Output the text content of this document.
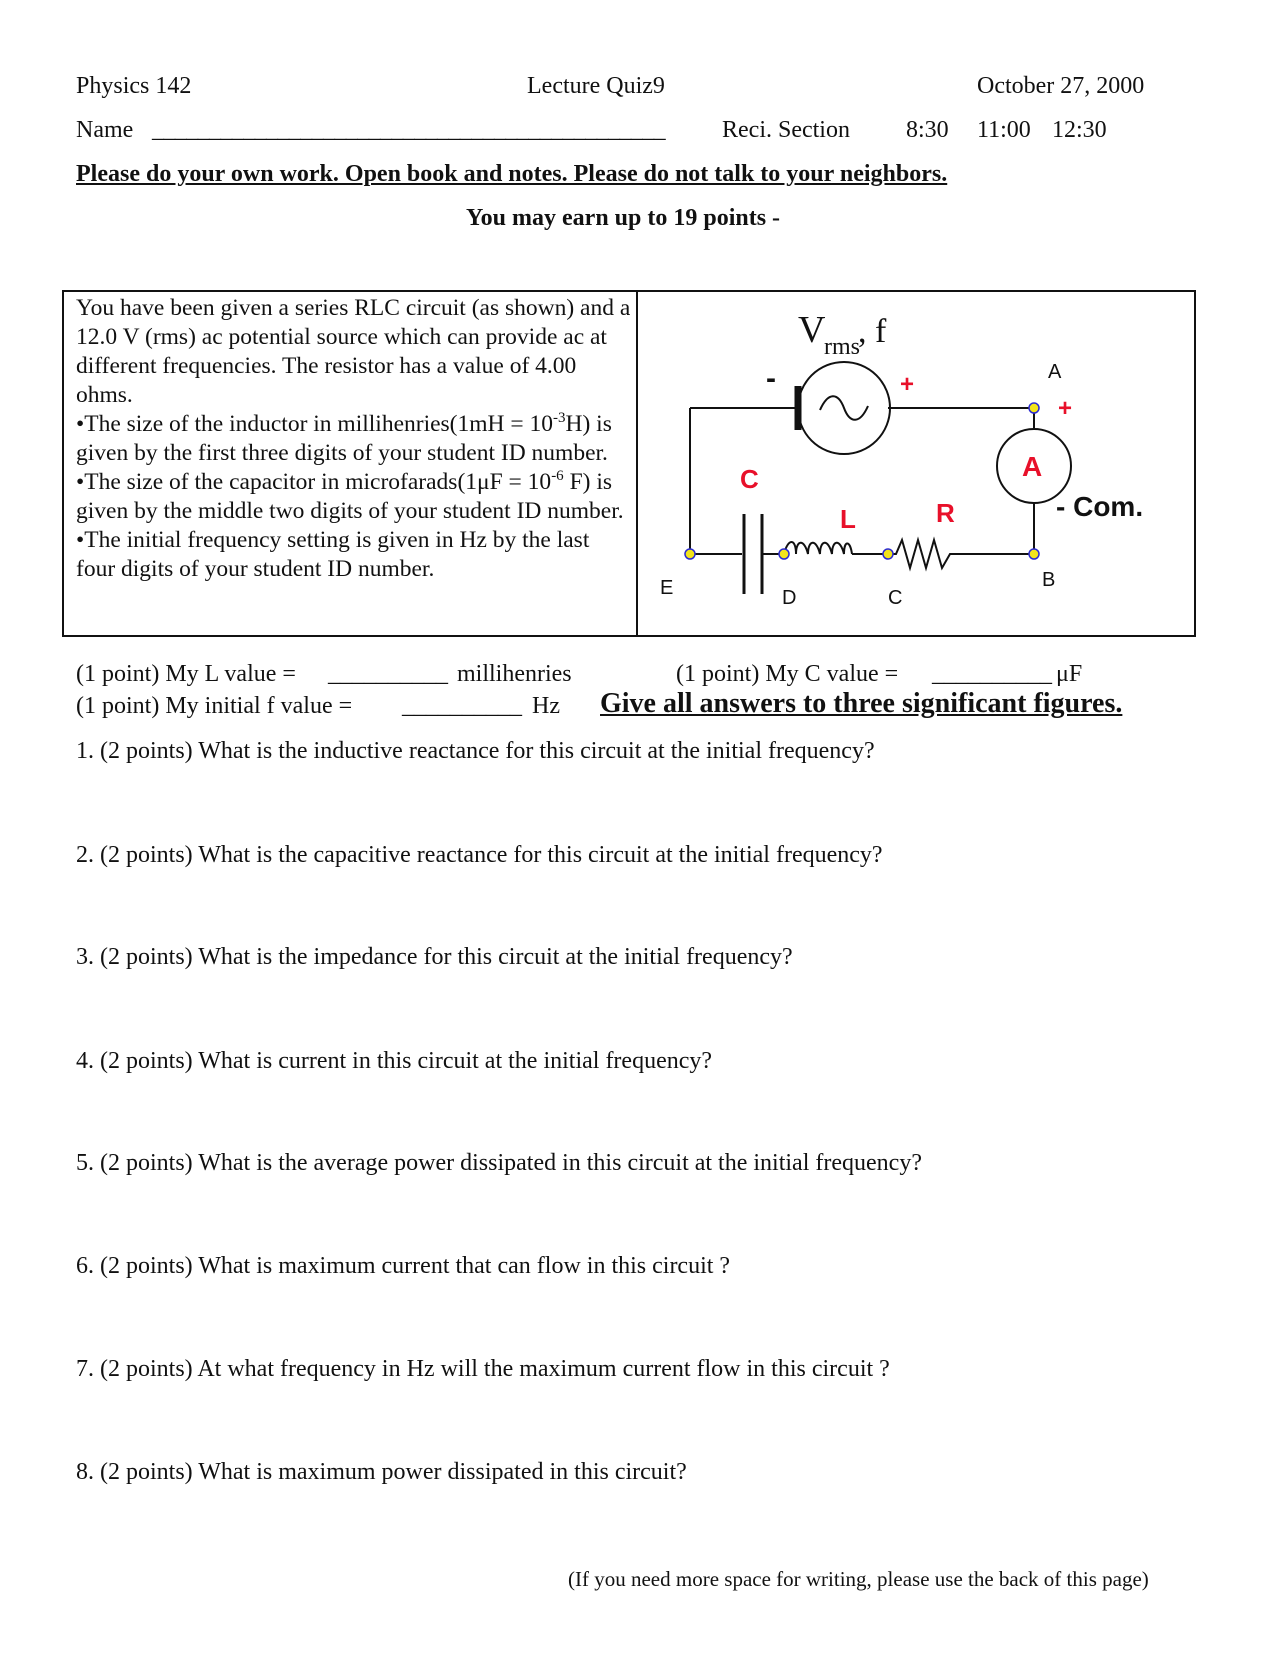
Physics 142	Lecture Quiz9	October 27, 2000
Name _____________________________________________ Reci. Section 8:30 11:00 12:30
Please do your own work. Open book and notes. Please do not talk to your neighbors.
You may earn up to 19 points -

You have been given a series RLC circuit (as shown) and a 12.0 V (rms) ac potential source which can provide ac at different frequencies. The resistor has a value of 4.00 ohms.

•The size of the inductor in millihenries(1mH = $10^{-3}H$) is given by the first three digits of your student ID number.

•The size of the capacitor in microfarads(1μF = $10^{-6}$ F) is given by the middle two digits of your student ID number.

•The initial frequency setting is given in Hz by the last four digits of your student ID number.

V
rms
, f
-	+	A
+
A
- Com.
C
L	R
E	D	C
B
(1 point) My L value = __________ millihenries	(1 point) My C value = __________ μF
(1 point) My initial f value = __________ Hz Give all answers to three significant figures.
1. (2 points) What is the inductive reactance for this circuit at the initial frequency?
2. (2 points) What is the capacitive reactance for this circuit at the initial frequency?
3. (2 points) What is the impedance for this circuit at the initial frequency?
4. (2 points) What is current in this circuit at the initial frequency?
5. (2 points) What is the average power dissipated in this circuit at the initial frequency?
6. (2 points) What is maximum current that can flow in this circuit ?
7. (2 points) At what frequency in Hz will the maximum current flow in this circuit ?
8. (2 points) What is maximum power dissipated in this circuit?
(If you need more space for writing, please use the back of this page)
